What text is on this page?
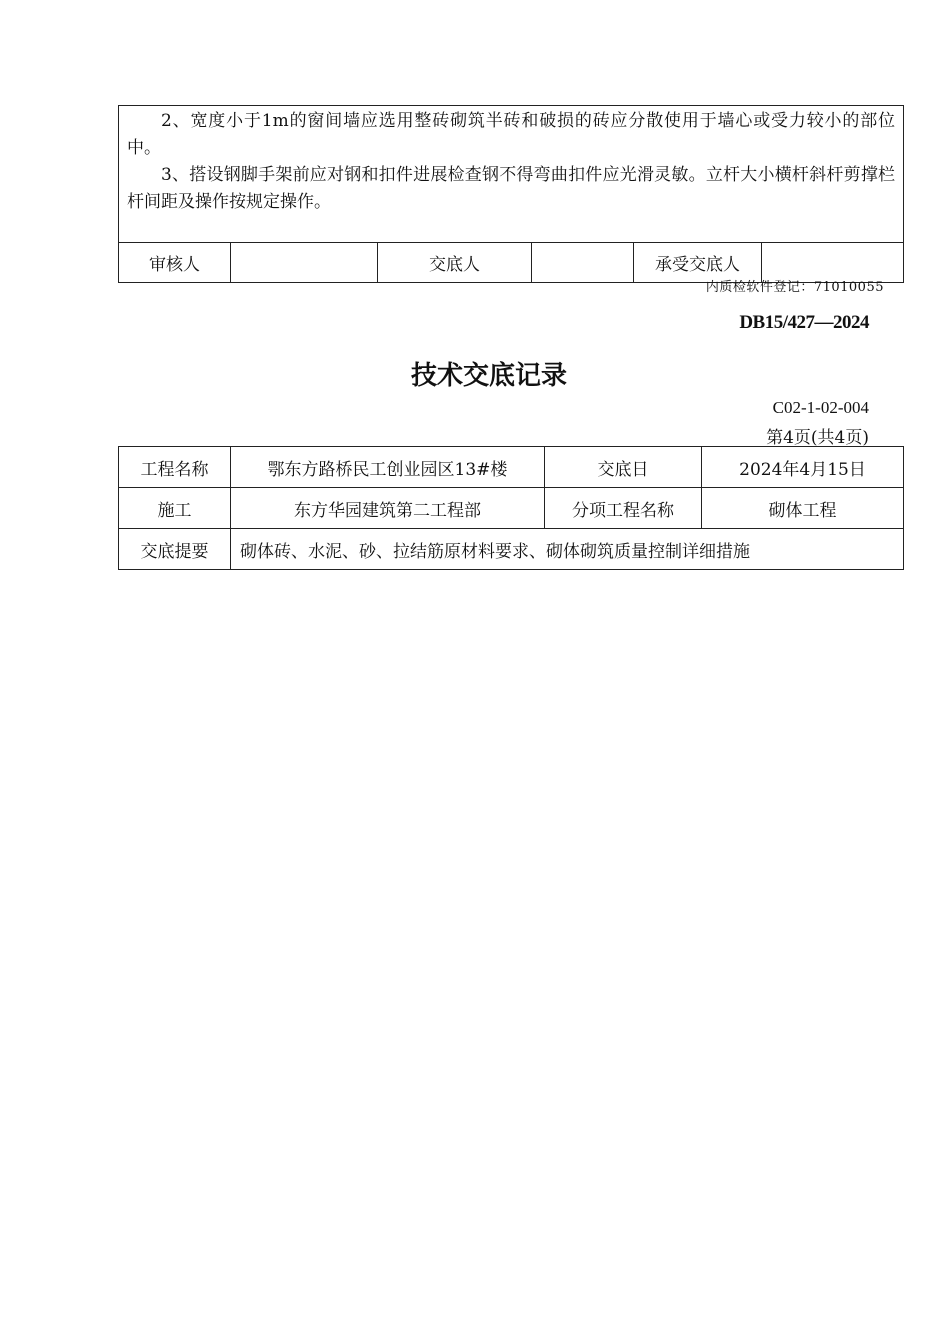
2、宽度小于1m的窗间墙应选用整砖砌筑半砖和破损的砖应分散使用于墙心或受力较小的部位中。

3、搭设钢脚手架前应对钢和扣件进展检查钢不得弯曲扣件应光滑灵敏。立杆大小横杆斜杆剪撑栏杆间距及操作按规定操作。

审核人		交底人		承受交底人	
内质检软件登记：71010055
DB15/427—2024
技术交底记录
C02-1-02-004
第4页(共4页)
工程名称	鄂东方路桥民工创业园区13#楼	交底日	2024年4月15日
施工	东方华园建筑第二工程部	分项工程名称	砌体工程
交底提要	砌体砖、水泥、砂、拉结筋原材料要求、砌体砌筑质量控制详细措施		
